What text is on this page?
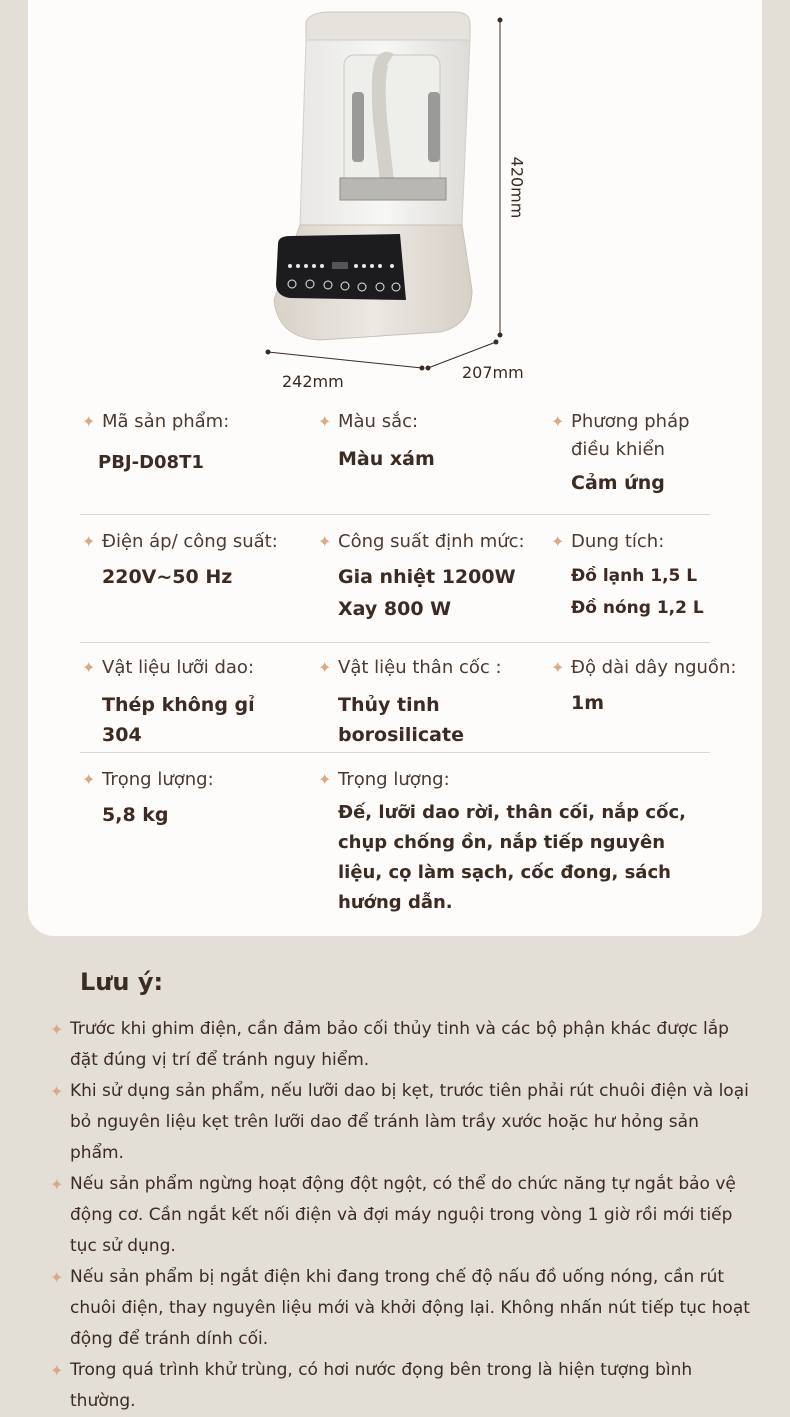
420mm
242mm	207mm
✦ Mã sản phẩm:
PBJ-D08T1
✦ Màu sắc:
Màu xám
✦ Phương pháp điều khiển
Cảm ứng
✦ Điện áp/ công suất:
220V~50 Hz
✦ Công suất định mức:
Gia nhiệt 1200W
Xay 800 W
✦ Dung tích:
Đồ lạnh 1,5 L
Đồ nóng 1,2 L
✦ Vật liệu lưỡi dao:
Thép không gỉ
304
✦ Vật liệu thân cốc :
Thủy tinh
borosilicate
✦ Độ dài dây nguồn:
1m
✦ Trọng lượng:
5,8 kg
✦ Trọng lượng:
Đế, lưỡi dao rời, thân cối, nắp cốc,
chụp chống ồn, nắp tiếp nguyên
liệu, cọ làm sạch, cốc đong, sách
hướng dẫn.
Lưu ý:
✦ Trước khi ghim điện, cần đảm bảo cối thủy tinh và các bộ phận khác được lắp đặt đúng vị trí để tránh nguy hiểm.
✦ Khi sử dụng sản phẩm, nếu lưỡi dao bị kẹt, trước tiên phải rút chuôi điện và loại bỏ nguyên liệu kẹt trên lưỡi dao để tránh làm trầy xước hoặc hư hỏng sản phẩm.
✦ Nếu sản phẩm ngừng hoạt động đột ngột, có thể do chức năng tự ngắt bảo vệ động cơ. Cần ngắt kết nối điện và đợi máy nguội trong vòng 1 giờ rồi mới tiếp tục sử dụng.
✦ Nếu sản phẩm bị ngắt điện khi đang trong chế độ nấu đồ uống nóng, cần rút chuôi điện, thay nguyên liệu mới và khởi động lại. Không nhấn nút tiếp tục hoạt động để tránh dính cối.
✦ Trong quá trình khử trùng, có hơi nước đọng bên trong là hiện tượng bình thường.
